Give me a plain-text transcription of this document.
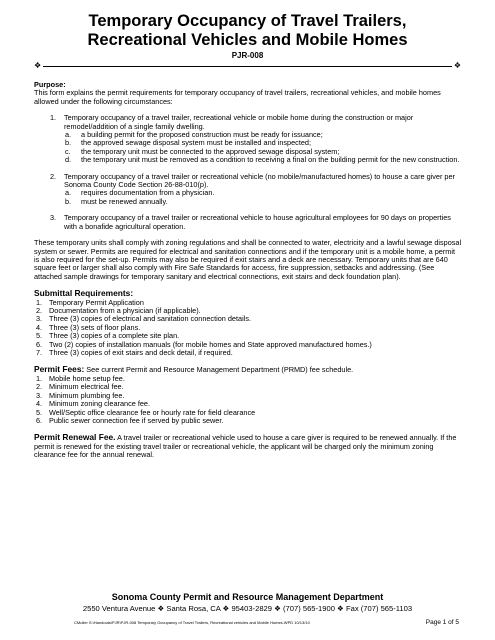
Temporary Occupancy of Travel Trailers,
Recreational Vehicles and Mobile Homes
PJR-008
❖	❖

Purpose:

This form explains the permit requirements for temporary occupancy of travel trailers, recreational vehicles, and mobile homes allowed under the following circumstances:

1. Temporary occupancy of a travel trailer, recreational vehicle or mobile home during the construction or major remodel/addition of a single family dwelling.

a. a building permit for the proposed construction must be ready for issuance;

b. the approved sewage disposal system must be installed and inspected;

c. the temporary unit must be connected to the approved sewage disposal system;

d. the temporary unit must be removed as a condition to receiving a final on the building permit for the new construction.

2. Temporary occupancy of a travel trailer or recreational vehicle (no mobile/manufactured homes) to house a care giver per Sonoma County Code Section 26-88-010(p).

a. requires documentation from a physician.

b. must be renewed annually.

3. Temporary occupancy of a travel trailer or recreational vehicle to house agricultural employees for 90 days on properties with a bonafide agricultural operation.

These temporary units shall comply with zoning regulations and shall be connected to water, electricity and a lawful sewage disposal system or sewer. Permits are required for electrical and sanitation connections and if the temporary unit is a mobile home, a permit is also required for the set-up. Permits may also be required if exit stairs and a deck are necessary. Temporary units that are 640 square feet or larger shall also comply with Fire Safe Standards for access, fire suppression, setbacks and addressing. (See attached sample drawings for temporary sanitary and electrical connections, exit stairs and deck foundation plan).

Submittal Requirements:

1. Temporary Permit Application

2. Documentation from a physician (if applicable).

3. Three (3) copies of electrical and sanitation connection details.

4. Three (3) sets of floor plans.

5. Three (3) copies of a complete site plan.

6. Two (2) copies of installation manuals (for mobile homes and State approved manufactured homes.)

7. Three (3) copies of exit stairs and deck detail, if required.

Permit Fees: See current Permit and Resource Management Department (PRMD) fee schedule.

1. Mobile home setup fee.

2. Minimum electrical fee.

3. Minimum plumbing fee.

4. Minimum zoning clearance fee.

5. Well/Septic office clearance fee or hourly rate for field clearance

6. Public sewer connection fee if served by public sewer.

Permit Renewal Fee. A travel trailer or recreational vehicle used to house a care giver is required to be renewed annually. If the permit is renewed for the existing travel trailer or recreational vehicle, the applicant will be charged only the minimum zoning clearance fee for the annual renewal.

Sonoma County Permit and Resource Management Department
2550 Ventura Avenue ❖ Santa Rosa, CA ❖ 95403-2829 ❖ (707) 565-1900 ❖ Fax (707) 565-1103
CMuller S:\Handouts\PJR\PJR-008 Temporary Occupancy of Travel Trailers, Recreational vehicles and Mobile Homes.WPD 10/13/10	Page 1 of 5
